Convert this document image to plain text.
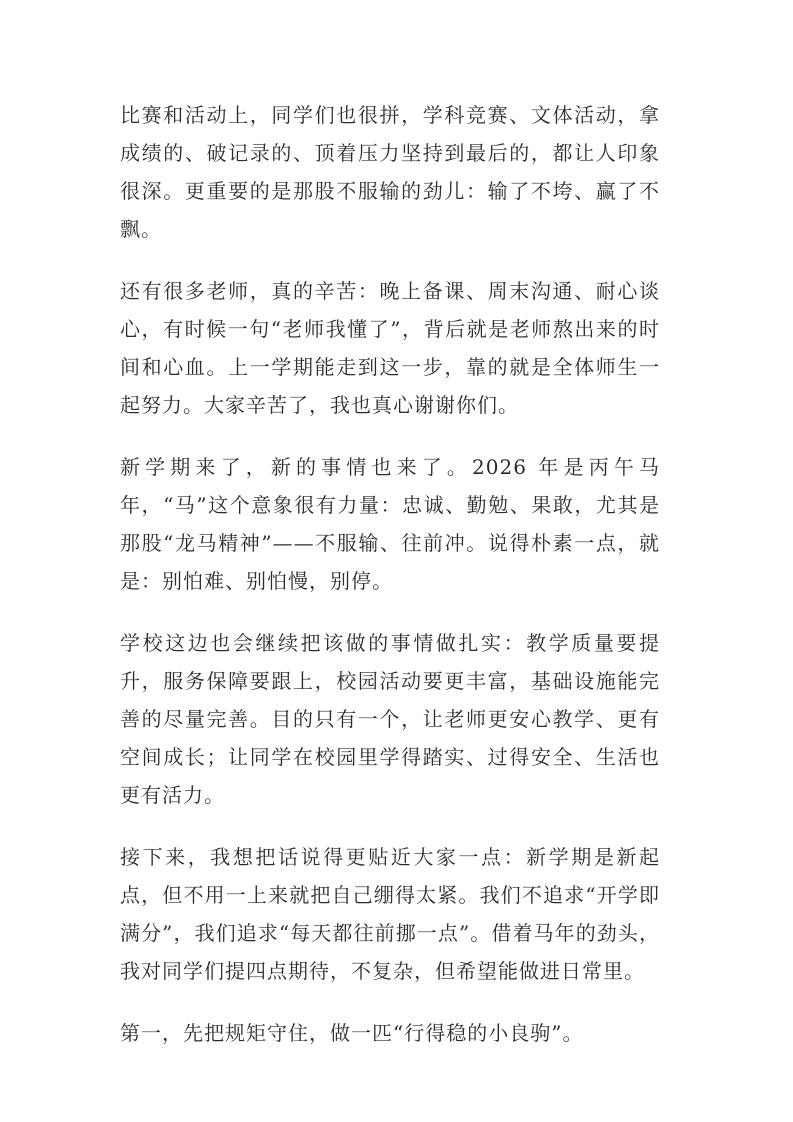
比赛和活动上，同学们也很拼，学科竞赛、文体活动，拿成绩的、破记录的、顶着压力坚持到最后的，都让人印象很深。更重要的是那股不服输的劲儿：输了不垮、赢了不飘。

还有很多老师，真的辛苦：晚上备课、周末沟通、耐心谈心，有时候一句“老师我懂了”，背后就是老师熬出来的时间和心血。上一学期能走到这一步，靠的就是全体师生一起努力。大家辛苦了，我也真心谢谢你们。

新学期来了，新的事情也来了。2026 年是丙午马年，“马”这个意象很有力量：忠诚、勤勉、果敢，尤其是那股“龙马精神”——不服输、往前冲。说得朴素一点，就是：别怕难、别怕慢，别停。

学校这边也会继续把该做的事情做扎实：教学质量要提升，服务保障要跟上，校园活动要更丰富，基础设施能完善的尽量完善。目的只有一个，让老师更安心教学、更有空间成长；让同学在校园里学得踏实、过得安全、生活也更有活力。

接下来，我想把话说得更贴近大家一点：新学期是新起点，但不用一上来就把自己绷得太紧。我们不追求“开学即满分”，我们追求“每天都往前挪一点”。借着马年的劲头，我对同学们提四点期待，不复杂，但希望能做进日常里。

第一，先把规矩守住，做一匹“行得稳的小良驹”。
